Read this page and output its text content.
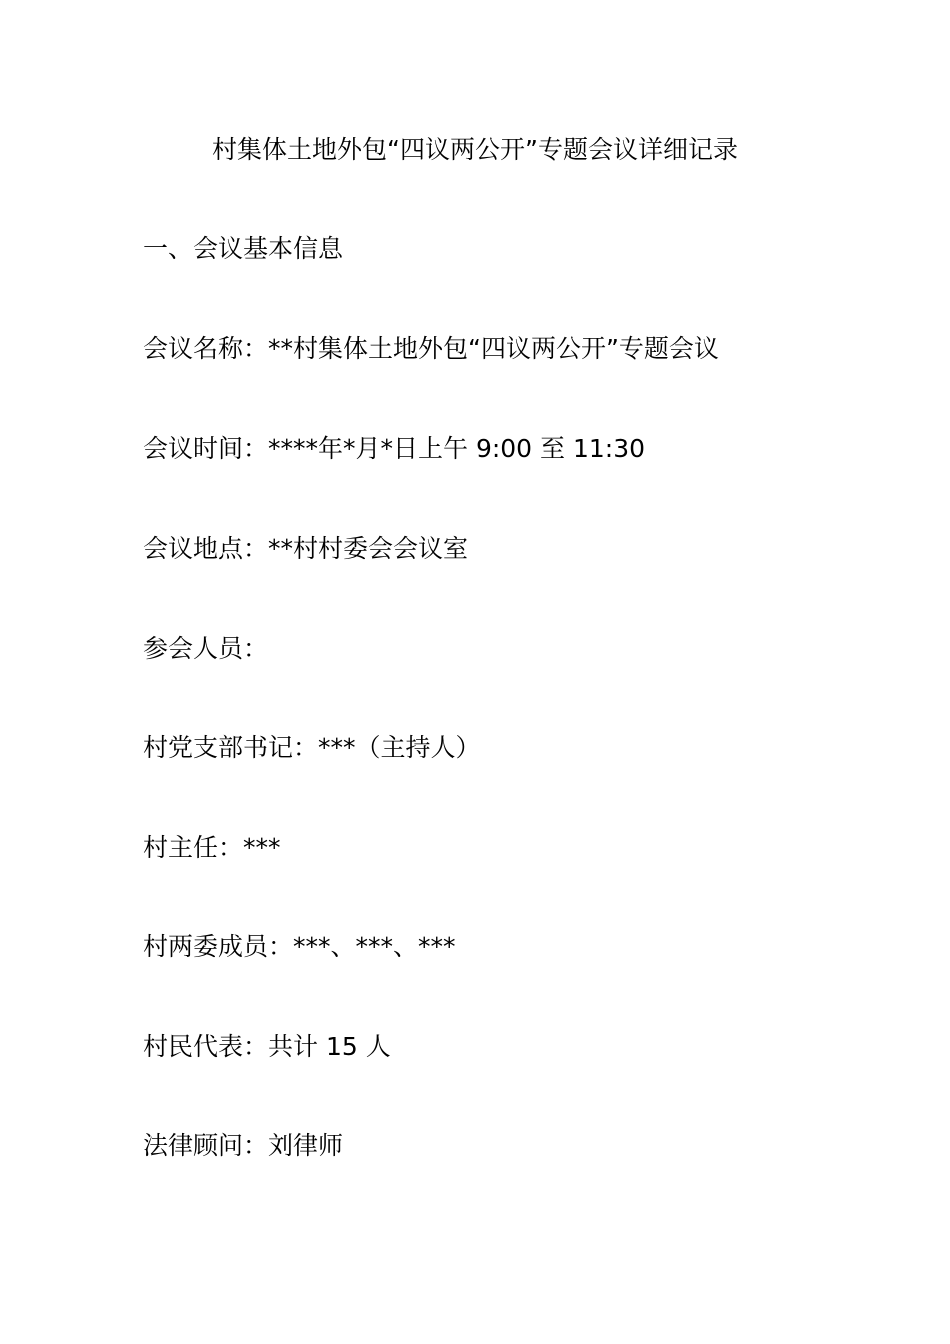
村集体土地外包“四议两公开”专题会议详细记录
一、会议基本信息
会议名称：**村集体土地外包“四议两公开”专题会议
会议时间：****年*月*日上午 9:00 至 11:30
会议地点：**村村委会会议室
参会人员：
村党支部书记：***（主持人）
村主任：***
村两委成员：***、***、***
村民代表：共计 15 人
法律顾问：刘律师
